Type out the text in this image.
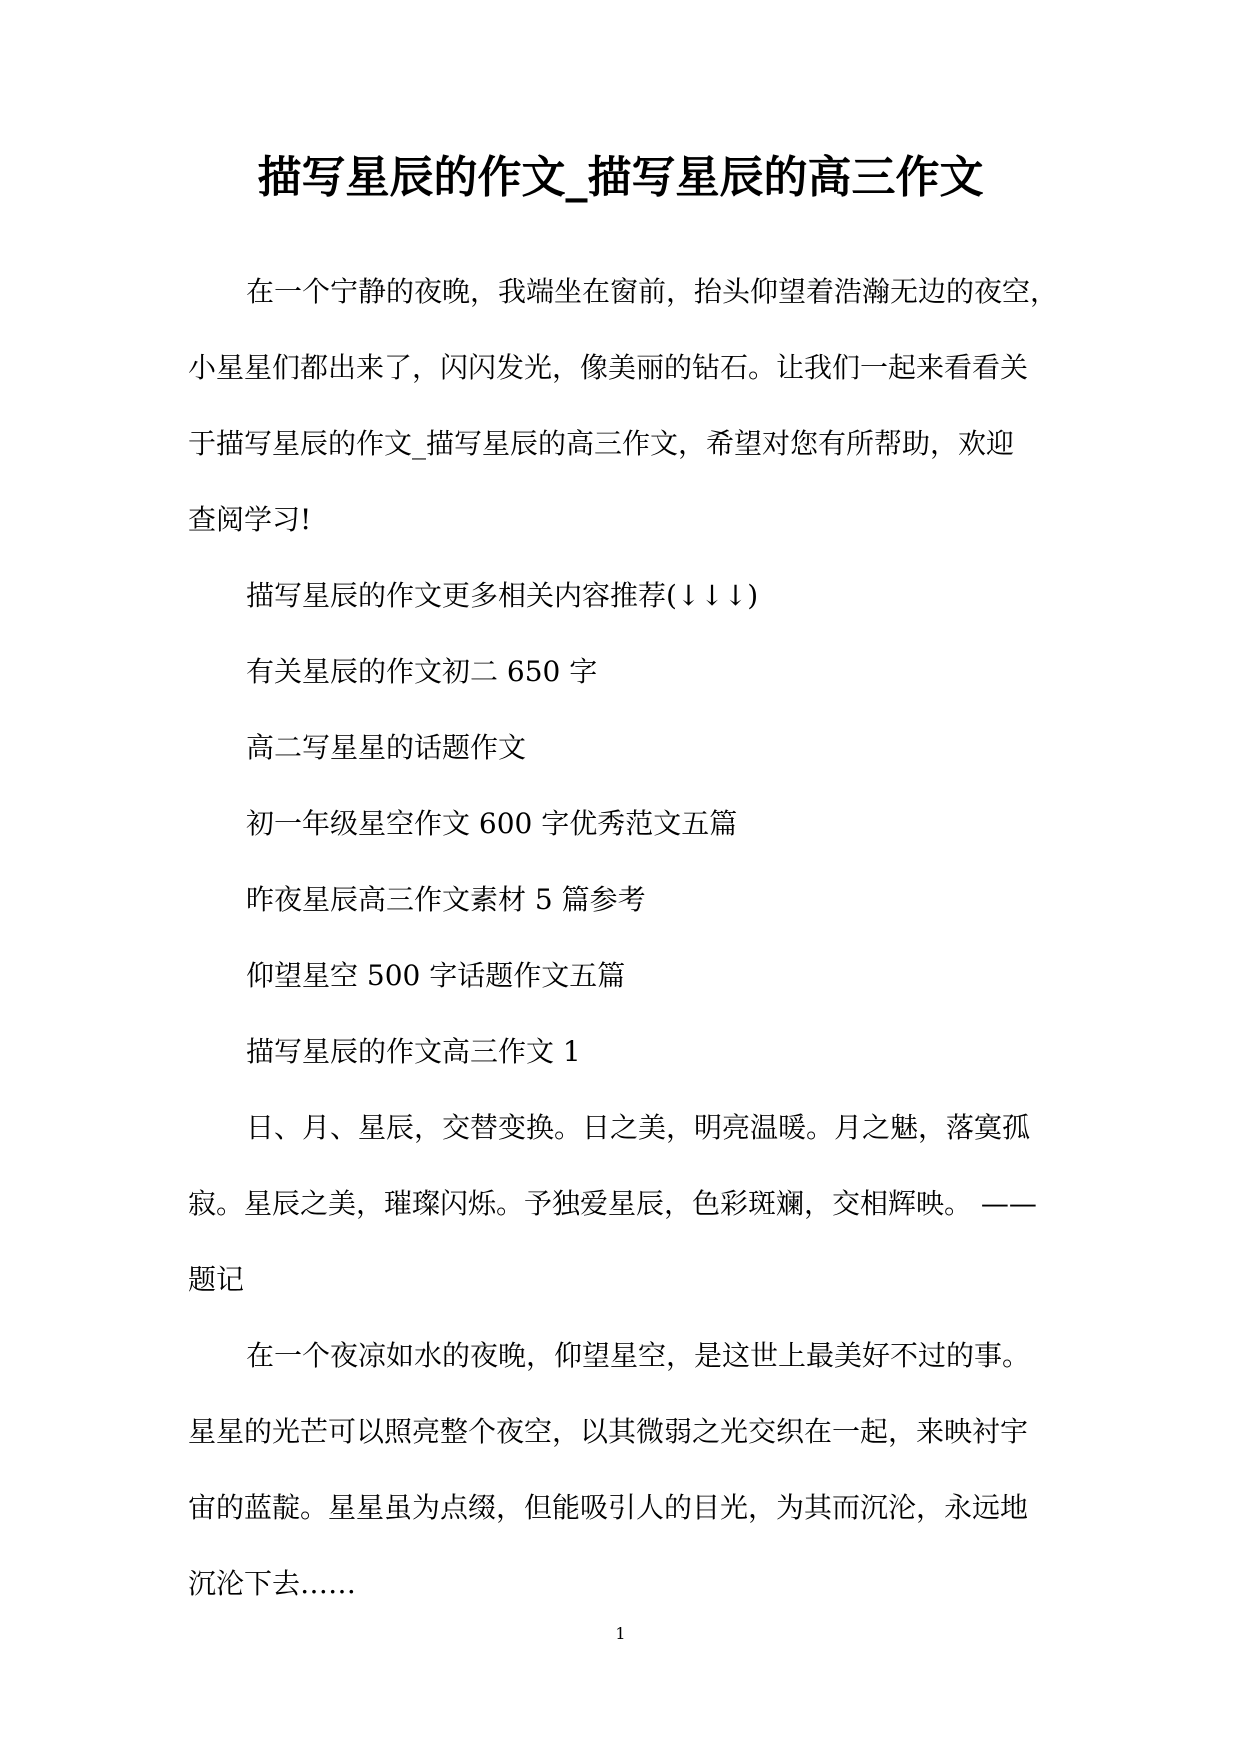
描写星辰的作文_描写星辰的高三作文

在一个宁静的夜晚，我端坐在窗前，抬头仰望着浩瀚无边的夜空，
小星星们都出来了，闪闪发光，像美丽的钻石。让我们一起来看看关
于描写星辰的作文_描写星辰的高三作文，希望对您有所帮助，欢迎
查阅学习!

描写星辰的作文更多相关内容推荐(↓↓↓)

有关星辰的作文初二 650 字

高二写星星的话题作文

初一年级星空作文 600 字优秀范文五篇

昨夜星辰高三作文素材 5 篇参考

仰望星空 500 字话题作文五篇

描写星辰的作文高三作文 1

日、月、星辰，交替变换。日之美，明亮温暖。月之魅，落寞孤
寂。星辰之美，璀璨闪烁。予独爱星辰，色彩斑斓，交相辉映。 ——
题记

在一个夜凉如水的夜晚，仰望星空，是这世上最美好不过的事。
星星的光芒可以照亮整个夜空，以其微弱之光交织在一起，来映衬宇
宙的蓝靛。星星虽为点缀，但能吸引人的目光，为其而沉沦，永远地
沉沦下去……

1
